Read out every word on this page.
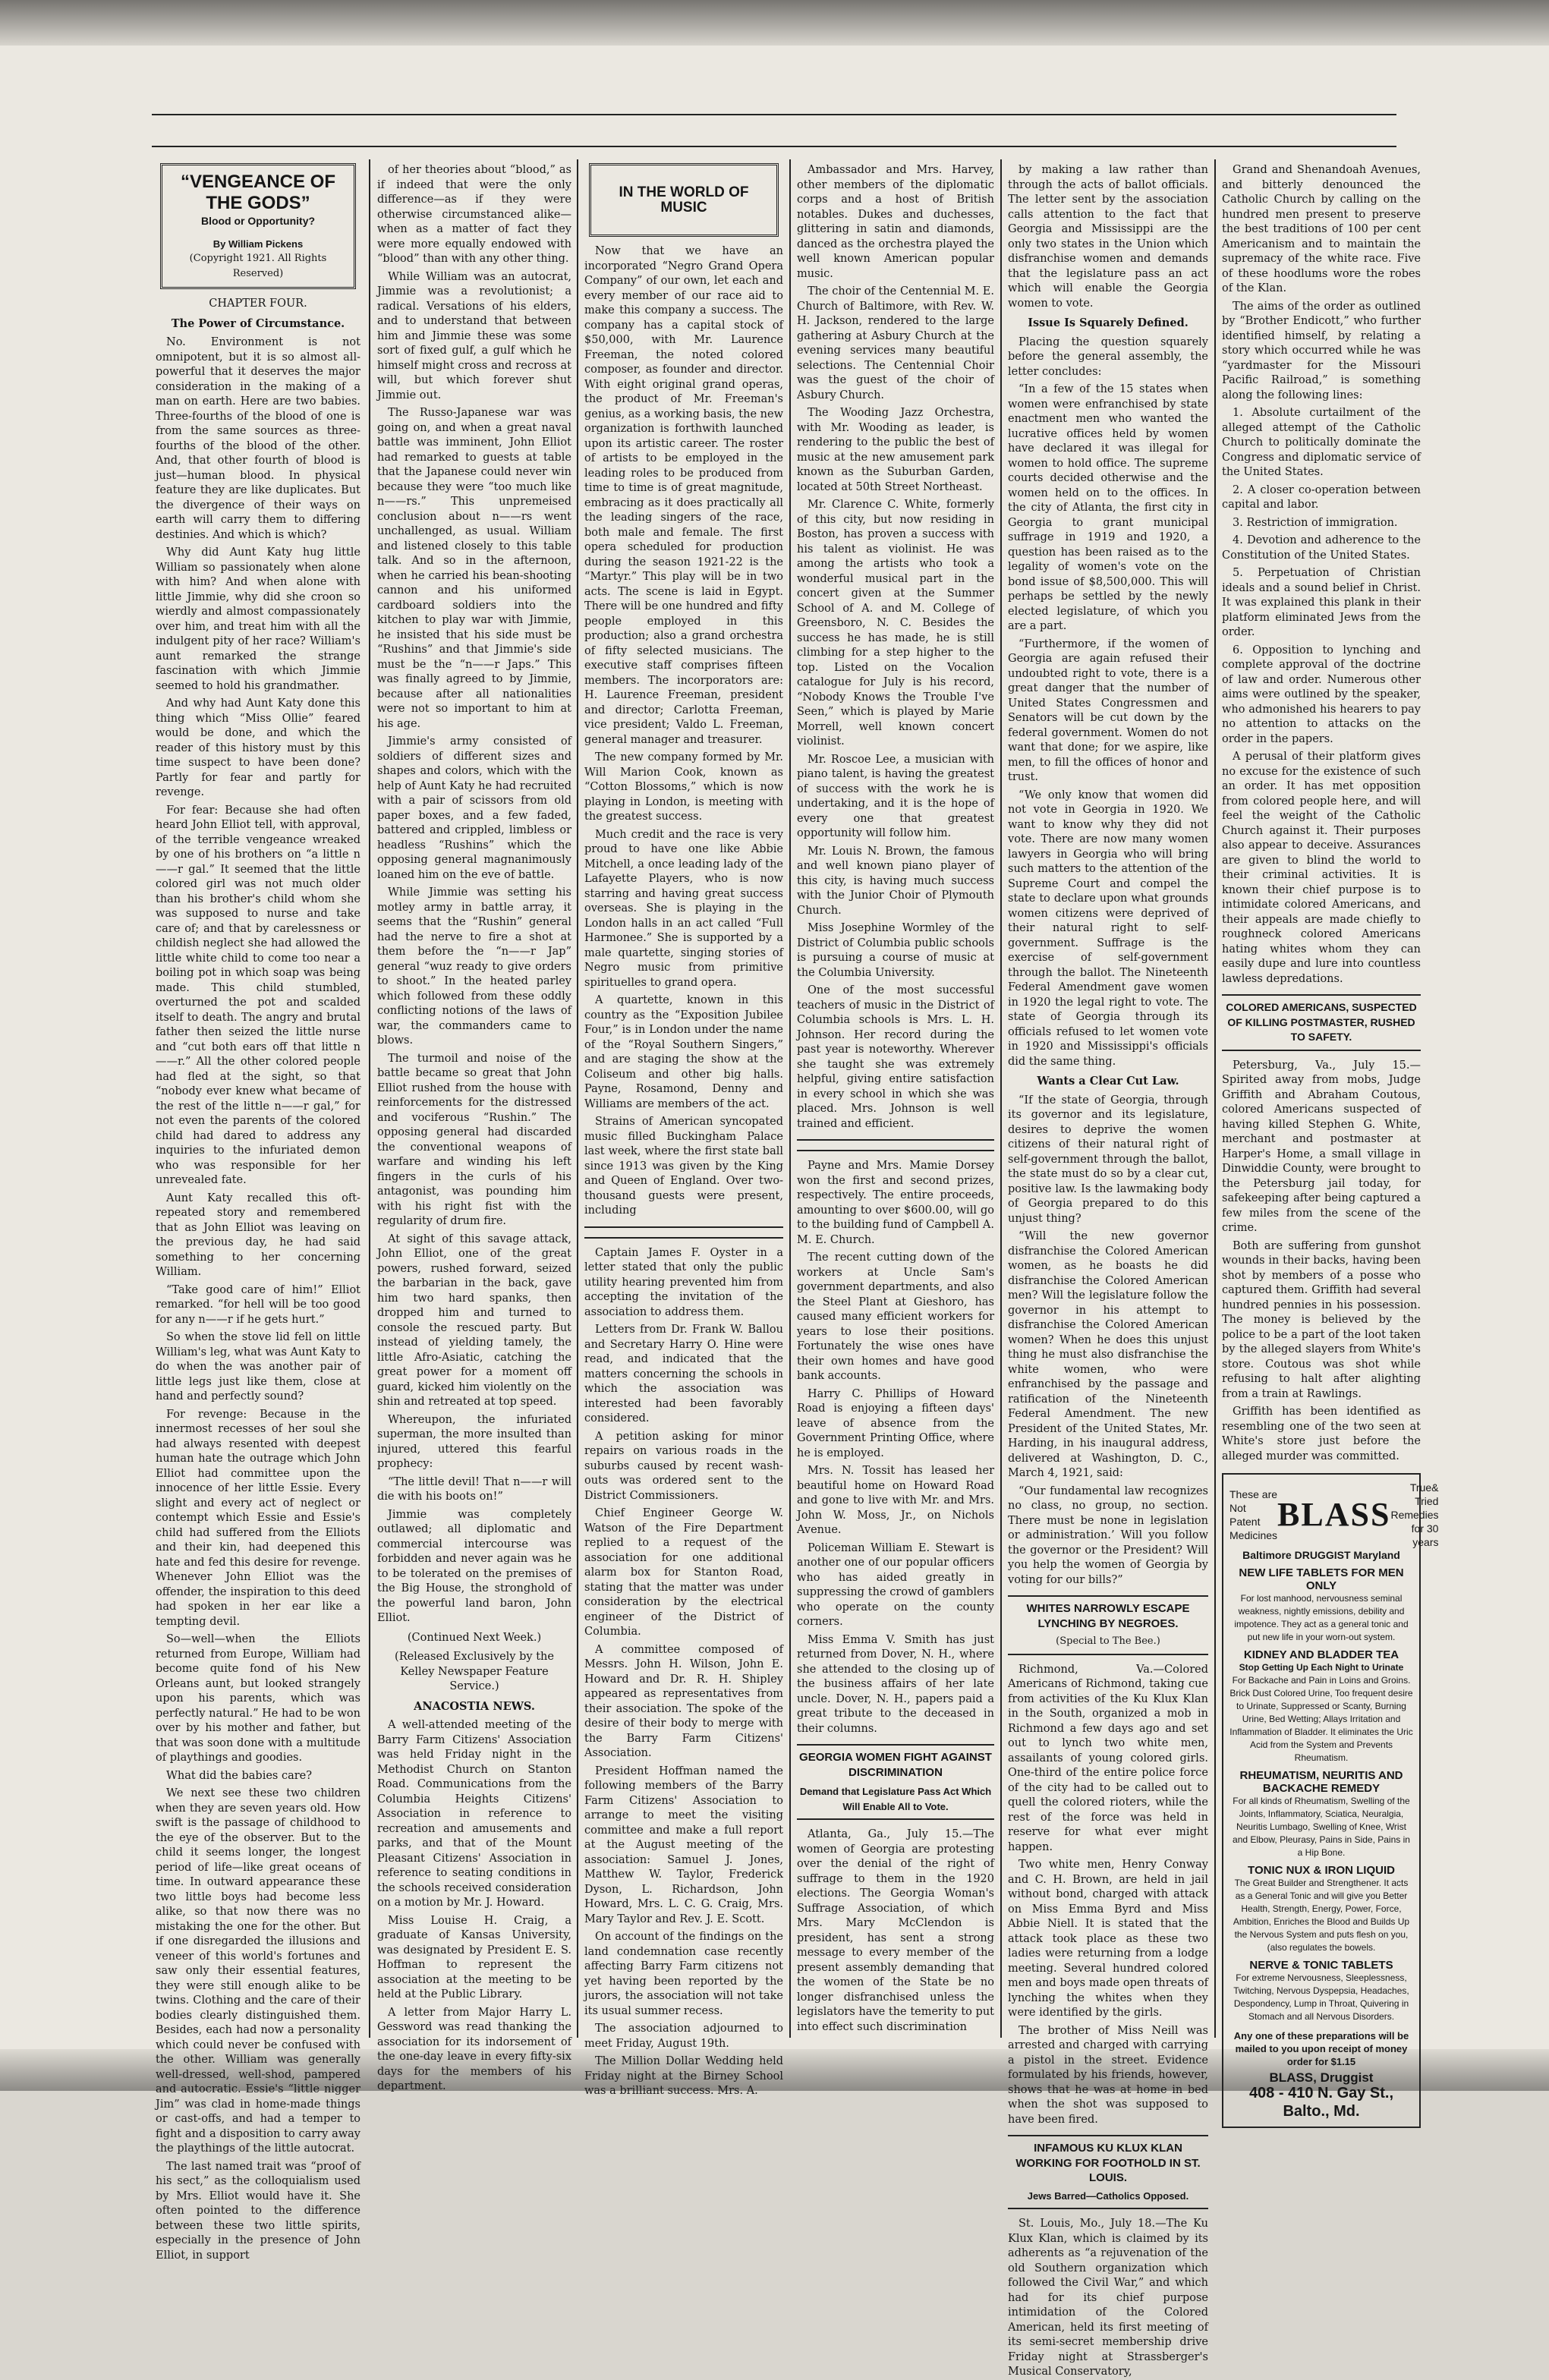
“VENGEANCE OF THE GODS”
Blood or Opportunity?
By William Pickens
(Copyright 1921. All Rights Reserved)

CHAPTER FOUR.

The Power of Circumstance.

No. Environment is not omnipotent, but it is so almost all-powerful that it deserves the major consideration in the making of a man on earth. Here are two babies. Three-fourths of the blood of one is from the same sources as three-fourths of the blood of the other. And, that other fourth of blood is just—human blood. In physical feature they are like duplicates. But the divergence of their ways on earth will carry them to differing destinies. And which is which?

Why did Aunt Katy hug little William so passionately when alone with him? And when alone with little Jimmie, why did she croon so wierdly and almost compassionately over him, and treat him with all the indulgent pity of her race? William's aunt remarked the strange fascination with which Jimmie seemed to hold his grandmather.

And why had Aunt Katy done this thing which “Miss Ollie” feared would be done, and which the reader of this history must by this time suspect to have been done? Partly for fear and partly for revenge.

For fear: Because she had often heard John Elliot tell, with approval, of the terrible vengeance wreaked by one of his brothers on “a little n——r gal.” It seemed that the little colored girl was not much older than his brother's child whom she was supposed to nurse and take care of; and that by carelessness or childish neglect she had allowed the little white child to come too near a boiling pot in which soap was being made. This child stumbled, overturned the pot and scalded itself to death. The angry and brutal father then seized the little nurse and “cut both ears off that little n——r.” All the other colored people had fled at the sight, so that “nobody ever knew what became of the rest of the little n——r gal,” for not even the parents of the colored child had dared to address any inquiries to the infuriated demon who was responsible for her unrevealed fate.

Aunt Katy recalled this oft-repeated story and remembered that as John Elliot was leaving on the previous day, he had said something to her concerning William.

“Take good care of him!” Elliot remarked. “for hell will be too good for any n——r if he gets hurt.”

So when the stove lid fell on little William's leg, what was Aunt Katy to do when the was another pair of little legs just like them, close at hand and perfectly sound?

For revenge: Because in the innermost recesses of her soul she had always resented with deepest human hate the outrage which John Elliot had committee upon the innocence of her little Essie. Every slight and every act of neglect or contempt which Essie and Essie's child had suffered from the Elliots and their kin, had deepened this hate and fed this desire for revenge. Whenever John Elliot was the offender, the inspiration to this deed had spoken in her ear like a tempting devil.

So—well—when the Elliots returned from Europe, William had become quite fond of his New Orleans aunt, but looked strangely upon his parents, which was perfectly natural.” He had to be won over by his mother and father, but that was soon done with a multitude of playthings and goodies.

What did the babies care?

We next see these two children when they are seven years old. How swift is the passage of childhood to the eye of the observer. But to the child it seems longer, the longest period of life—like great oceans of time. In outward appearance these two little boys had become less alike, so that now there was no mistaking the one for the other. But if one disregarded the illusions and veneer of this world's fortunes and saw only their essential features, they were still enough alike to be twins. Clothing and the care of their bodies clearly distinguished them. Besides, each had now a personality which could never be confused with the other. William was generally well-dressed, well-shod, pampered and autocratic. Essie's “little nigger Jim” was clad in home-made things or cast-offs, and had a temper to fight and a disposition to carry away the playthings of the little autocrat.

The last named trait was “proof of his sect,” as the colloquialism used by Mrs. Elliot would have it. She often pointed to the difference between these two little spirits, especially in the presence of John Elliot, in support

of her theories about “blood,” as if indeed that were the only difference—as if they were otherwise circumstanced alike—when as a matter of fact they were more equally endowed with “blood” than with any other thing.

While William was an autocrat, Jimmie was a revolutionist; a radical. Versations of his elders, and to understand that between him and Jimmie these was some sort of fixed gulf, a gulf which he himself might cross and recross at will, but which forever shut Jimmie out.

The Russo-Japanese war was going on, and when a great naval battle was imminent, John Elliot had remarked to guests at table that the Japanese could never win because they were “too much like n——rs.” This unpremeised conclusion about n——rs went unchallenged, as usual. William and listened closely to this table talk. And so in the afternoon, when he carried his bean-shooting cannon and his uniformed cardboard soldiers into the kitchen to play war with Jimmie, he insisted that his side must be “Rushins” and that Jimmie's side must be the “n——r Japs.” This was finally agreed to by Jimmie, because after all nationalities were not so important to him at his age.

Jimmie's army consisted of soldiers of different sizes and shapes and colors, which with the help of Aunt Katy he had recruited with a pair of scissors from old paper boxes, and a few faded, battered and crippled, limbless or headless “Rushins” which the opposing general magnanimously loaned him on the eve of battle.

While Jimmie was setting his motley army in battle array, it seems that the “Rushin” general had the nerve to fire a shot at them before the “n——r Jap” general “wuz ready to give orders to shoot.” In the heated parley which followed from these oddly conflicting notions of the laws of war, the commanders came to blows.

The turmoil and noise of the battle became so great that John Elliot rushed from the house with reinforcements for the distressed and vociferous “Rushin.” The opposing general had discarded the conventional weapons of warfare and winding his left fingers in the curls of his antagonist, was pounding him with his right fist with the regularity of drum fire.

At sight of this savage attack, John Elliot, one of the great powers, rushed forward, seized the barbarian in the back, gave him two hard spanks, then dropped him and turned to console the rescued party. But instead of yielding tamely, the little Afro-Asiatic, catching the great power for a moment off guard, kicked him violently on the shin and retreated at top speed.

Whereupon, the infuriated superman, the more insulted than injured, uttered this fearful prophecy:

“The little devil! That n——r will die with his boots on!”

Jimmie was completely outlawed; all diplomatic and commercial intercourse was forbidden and never again was he to be tolerated on the premises of the Big House, the stronghold of the powerful land baron, John Elliot.

(Continued Next Week.)

(Released Exclusively by the Kelley Newspaper Feature Service.)

ANACOSTIA NEWS.

A well-attended meeting of the Barry Farm Citizens' Association was held Friday night in the Methodist Church on Stanton Road. Communications from the Columbia Heights Citizens' Association in reference to recreation and amusements and parks, and that of the Mount Pleasant Citizens' Association in reference to seating conditions in the schools received consideration on a motion by Mr. J. Howard.

Miss Louise H. Craig, a graduate of Kansas University, was designated by President E. S. Hoffman to represent the association at the meeting to be held at the Public Library.

A letter from Major Harry L. Gessword was read thanking the association for its indorsement of the one-day leave in every fifty-six days for the members of his department.

IN THE WORLD OF MUSIC

Now that we have an incorporated “Negro Grand Opera Company” of our own, let each and every member of our race aid to make this company a success. The company has a capital stock of $50,000, with Mr. Laurence Freeman, the noted colored composer, as founder and director. With eight original grand operas, the product of Mr. Freeman's genius, as a working basis, the new organization is forthwith launched upon its artistic career. The roster of artists to be employed in the leading roles to be produced from time to time is of great magnitude, embracing as it does practically all the leading singers of the race, both male and female. The first opera scheduled for production during the season 1921-22 is the “Martyr.” This play will be in two acts. The scene is laid in Egypt. There will be one hundred and fifty people employed in this production; also a grand orchestra of fifty selected musicians. The executive staff comprises fifteen members. The incorporators are: H. Laurence Freeman, president and director; Carlotta Freeman, vice president; Valdo L. Freeman, general manager and treasurer.

The new company formed by Mr. Will Marion Cook, known as “Cotton Blossoms,” which is now playing in London, is meeting with the greatest success.

Much credit and the race is very proud to have one like Abbie Mitchell, a once leading lady of the Lafayette Players, who is now starring and having great success overseas. She is playing in the London halls in an act called “Full Harmonee.” She is supported by a male quartette, singing stories of Negro music from primitive spirituelles to grand opera.

A quartette, known in this country as the “Exposition Jubilee Four,” is in London under the name of the “Royal Southern Singers,” and are staging the show at the Coliseum and other big halls. Payne, Rosamond, Denny and Williams are members of the act.

Strains of American syncopated music filled Buckingham Palace last week, where the first state ball since 1913 was given by the King and Queen of England. Over two-thousand guests were present, including

Captain James F. Oyster in a letter stated that only the public utility hearing prevented him from accepting the invitation of the association to address them.

Letters from Dr. Frank W. Ballou and Secretary Harry O. Hine were read, and indicated that the matters concerning the schools in which the association was interested had been favorably considered.

A petition asking for minor repairs on various roads in the suburbs caused by recent wash-outs was ordered sent to the District Commissioners.

Chief Engineer George W. Watson of the Fire Department replied to a request of the association for one additional alarm box for Stanton Road, stating that the matter was under consideration by the electrical engineer of the District of Columbia.

A committee composed of Messrs. John H. Wilson, John E. Howard and Dr. R. H. Shipley appeared as representatives from their association. The spoke of the desire of their body to merge with the Barry Farm Citizens' Association.

President Hoffman named the following members of the Barry Farm Citizens' Association to arrange to meet the visiting committee and make a full report at the August meeting of the association: Samuel J. Jones, Matthew W. Taylor, Frederick Dyson, L. Richardson, John Howard, Mrs. L. C. G. Craig, Mrs. Mary Taylor and Rev. J. E. Scott.

On account of the findings on the land condemnation case recently affecting Barry Farm citizens not yet having been reported by the jurors, the association will not take its usual summer recess.

The association adjourned to meet Friday, August 19th.

The Million Dollar Wedding held Friday night at the Birney School was a brilliant success. Mrs. A.

Ambassador and Mrs. Harvey, other members of the diplomatic corps and a host of British notables. Dukes and duchesses, glittering in satin and diamonds, danced as the orchestra played the well known American popular music.

The choir of the Centennial M. E. Church of Baltimore, with Rev. W. H. Jackson, rendered to the large gathering at Asbury Church at the evening services many beautiful selections. The Centennial Choir was the guest of the choir of Asbury Church.

The Wooding Jazz Orchestra, with Mr. Wooding as leader, is rendering to the public the best of music at the new amusement park known as the Suburban Garden, located at 50th Street Northeast.

Mr. Clarence C. White, formerly of this city, but now residing in Boston, has proven a success with his talent as violinist. He was among the artists who took a wonderful musical part in the concert given at the Summer School of A. and M. College of Greensboro, N. C. Besides the success he has made, he is still climbing for a step higher to the top. Listed on the Vocalion catalogue for July is his record, “Nobody Knows the Trouble I've Seen,” which is played by Marie Morrell, well known concert violinist.

Mr. Roscoe Lee, a musician with piano talent, is having the greatest of success with the work he is undertaking, and it is the hope of every one that greatest opportunity will follow him.

Mr. Louis N. Brown, the famous and well known piano player of this city, is having much success with the Junior Choir of Plymouth Church.

Miss Josephine Wormley of the District of Columbia public schools is pursuing a course of music at the Columbia University.

One of the most successful teachers of music in the District of Columbia schools is Mrs. L. H. Johnson. Her record during the past year is noteworthy. Wherever she taught she was extremely helpful, giving entire satisfaction in every school in which she was placed. Mrs. Johnson is well trained and efficient.

Payne and Mrs. Mamie Dorsey won the first and second prizes, respectively. The entire proceeds, amounting to over $600.00, will go to the building fund of Campbell A. M. E. Church.

The recent cutting down of the workers at Uncle Sam's government departments, and also the Steel Plant at Gieshoro, has caused many efficient workers for years to lose their positions. Fortunately the wise ones have their own homes and have good bank accounts.

Harry C. Phillips of Howard Road is enjoying a fifteen days' leave of absence from the Government Printing Office, where he is employed.

Mrs. N. Tossit has leased her beautiful home on Howard Road and gone to live with Mr. and Mrs. John W. Moss, Jr., on Nichols Avenue.

Policeman William E. Stewart is another one of our popular officers who has aided greatly in suppressing the crowd of gamblers who operate on the county corners.

Miss Emma V. Smith has just returned from Dover, N. H., where she attended to the closing up of the business affairs of her late uncle. Dover, N. H., papers paid a great tribute to the deceased in their columns.

GEORGIA WOMEN FIGHT AGAINST DISCRIMINATION
Demand that Legislature Pass Act Which Will Enable All to Vote.

Atlanta, Ga., July 15.—The women of Georgia are protesting over the denial of the right of suffrage to them in the 1920 elections. The Georgia Woman's Suffrage Association, of which Mrs. Mary McClendon is president, has sent a strong message to every member of the present assembly demanding that the women of the State be no longer disfranchised unless the legislators have the temerity to put into effect such discrimination

by making a law rather than through the acts of ballot officials. The letter sent by the association calls attention to the fact that Georgia and Mississippi are the only two states in the Union which disfranchise women and demands that the legislature pass an act which will enable the Georgia women to vote.

Issue Is Squarely Defined.

Placing the question squarely before the general assembly, the letter concludes:

“In a few of the 15 states when women were enfranchised by state enactment men who wanted the lucrative offices held by women have declared it was illegal for women to hold office. The supreme courts decided otherwise and the women held on to the offices. In the city of Atlanta, the first city in Georgia to grant municipal suffrage in 1919 and 1920, a question has been raised as to the legality of women's vote on the bond issue of $8,500,000. This will perhaps be settled by the newly elected legislature, of which you are a part.

“Furthermore, if the women of Georgia are again refused their undoubted right to vote, there is a great danger that the number of United States Congressmen and Senators will be cut down by the federal government. Women do not want that done; for we aspire, like men, to fill the offices of honor and trust.

“We only know that women did not vote in Georgia in 1920. We want to know why they did not vote. There are now many women lawyers in Georgia who will bring such matters to the attention of the Supreme Court and compel the state to declare upon what grounds women citizens were deprived of their natural right to self-government. Suffrage is the exercise of self-government through the ballot. The Nineteenth Federal Amendment gave women in 1920 the legal right to vote. The state of Georgia through its officials refused to let women vote in 1920 and Mississippi's officials did the same thing.

Wants a Clear Cut Law.

“If the state of Georgia, through its governor and its legislature, desires to deprive the women citizens of their natural right of self-government through the ballot, the state must do so by a clear cut, positive law. Is the lawmaking body of Georgia prepared to do this unjust thing?

“Will the new governor disfranchise the Colored American women, as he boasts he did disfranchise the Colored American men? Will the legislature follow the governor in his attempt to disfranchise the Colored American women? When he does this unjust thing he must also disfranchise the white women, who were enfranchised by the passage and ratification of the Nineteenth Federal Amendment. The new President of the United States, Mr. Harding, in his inaugural address, delivered at Washington, D. C., March 4, 1921, said:

“Our fundamental law recognizes no class, no group, no section. There must be none in legislation or administration.’ Will you follow the governor or the President? Will you help the women of Georgia by voting for our bills?”

WHITES NARROWLY ESCAPE LYNCHING BY NEGROES.
(Special to The Bee.)

Richmond, Va.—Colored Americans of Richmond, taking cue from activities of the Ku Klux Klan in the South, organized a mob in Richmond a few days ago and set out to lynch two white men, assailants of young colored girls. One-third of the entire police force of the city had to be called out to quell the colored rioters, while the rest of the force was held in reserve for what ever might happen.

Two white men, Henry Conway and C. H. Brown, are held in jail without bond, charged with attack on Miss Emma Byrd and Miss Abbie Niell. It is stated that the attack took place as these two ladies were returning from a lodge meeting. Several hundred colored men and boys made open threats of lynching the whites when they were identified by the girls.

The brother of Miss Neill was arrested and charged with carrying a pistol in the street. Evidence formulated by his friends, however, shows that he was at home in bed when the shot was supposed to have been fired.

INFAMOUS KU KLUX KLAN WORKING FOR FOOTHOLD IN ST. LOUIS.
Jews Barred—Catholics Opposed.

St. Louis, Mo., July 18.—The Ku Klux Klan, which is claimed by its adherents as “a rejuvenation of the old Southern organization which followed the Civil War,” and which had for its chief purpose intimidation of the Colored American, held its first meeting of its semi-secret membership drive Friday night at Strassberger's Musical Conservatory,

Grand and Shenandoah Avenues, and bitterly denounced the Catholic Church by calling on the hundred men present to preserve the best traditions of 100 per cent Americanism and to maintain the supremacy of the white race. Five of these hoodlums wore the robes of the Klan.

The aims of the order as outlined by “Brother Endicott,” who further identified himself, by relating a story which occurred while he was “yardmaster for the Missouri Pacific Railroad,” is something along the following lines:

1. Absolute curtailment of the alleged attempt of the Catholic Church to politically dominate the Congress and diplomatic service of the United States.

2. A closer co-operation between capital and labor.

3. Restriction of immigration.

4. Devotion and adherence to the Constitution of the United States.

5. Perpetuation of Christian ideals and a sound belief in Christ. It was explained this plank in their platform eliminated Jews from the order.

6. Opposition to lynching and complete approval of the doctrine of law and order. Numerous other aims were outlined by the speaker, who admonished his hearers to pay no attention to attacks on the order in the papers.

A perusal of their platform gives no excuse for the existence of such an order. It has met opposition from colored people here, and will feel the weight of the Catholic Church against it. Their purposes also appear to deceive. Assurances are given to blind the world to their criminal activities. It is known their chief purpose is to intimidate colored Americans, and their appeals are made chiefly to roughneck colored Americans hating whites whom they can easily dupe and lure into countless lawless depredations.

COLORED AMERICANS, SUSPECTED OF KILLING POSTMASTER, RUSHED TO SAFETY.

Petersburg, Va., July 15.—Spirited away from mobs, Judge Griffith and Abraham Coutous, colored Americans suspected of having killed Stephen G. White, merchant and postmaster at Harper's Home, a small village in Dinwiddie County, were brought to the Petersburg jail today, for safekeeping after being captured a few miles from the scene of the crime.

Both are suffering from gunshot wounds in their backs, having been shot by members of a posse who captured them. Griffith had several hundred pennies in his possession. The money is believed by the police to be a part of the loot taken by the alleged slayers from White's store. Coutous was shot while refusing to halt after alighting from a train at Rawlings.

Griffith has been identified as resembling one of the two seen at White's store just before the alleged murder was committed.

These are
Not Patent
Medicines
BLASS
True& Tried
Remedies
for 30 years
Baltimore DRUGGIST Maryland
NEW LIFE TABLETS FOR MEN ONLY
For lost manhood, nervousness seminal weakness, nightly emissions, debility and impotence. They act as a general tonic and put new life in your worn-out system.
KIDNEY AND BLADDER TEA
Stop Getting Up Each Night to Urinate
For Backache and Pain in Loins and Groins. Brick Dust Colored Urine, Too frequent desire to Urinate, Suppressed or Scanty, Burning Urine, Bed Wetting; Allays Irritation and Inflammation of Bladder. It eliminates the Uric Acid from the System and Prevents Rheumatism.
RHEUMATISM, NEURITIS AND BACKACHE REMEDY
For all kinds of Rheumatism, Swelling of the Joints, Inflammatory, Sciatica, Neuralgia, Neuritis Lumbago, Swelling of Knee, Wrist and Elbow, Pleurasy, Pains in Side, Pains in a Hip Bone.
TONIC NUX & IRON LIQUID
The Great Builder and Strengthener. It acts as a General Tonic and will give you Better Health, Strength, Energy, Power, Force, Ambition, Enriches the Blood and Builds Up the Nervous System and puts flesh on you, (also regulates the bowels.
NERVE & TONIC TABLETS
For extreme Nervousness, Sleeplessness, Twitching, Nervous Dyspepsia, Headaches, Despondency, Lump in Throat, Quivering in Stomach and all Nervous Disorders.
Any one of these preparations will be mailed to you upon receipt of money order for $1.15
BLASS, Druggist
408 - 410 N. Gay St.,
Balto., Md.
